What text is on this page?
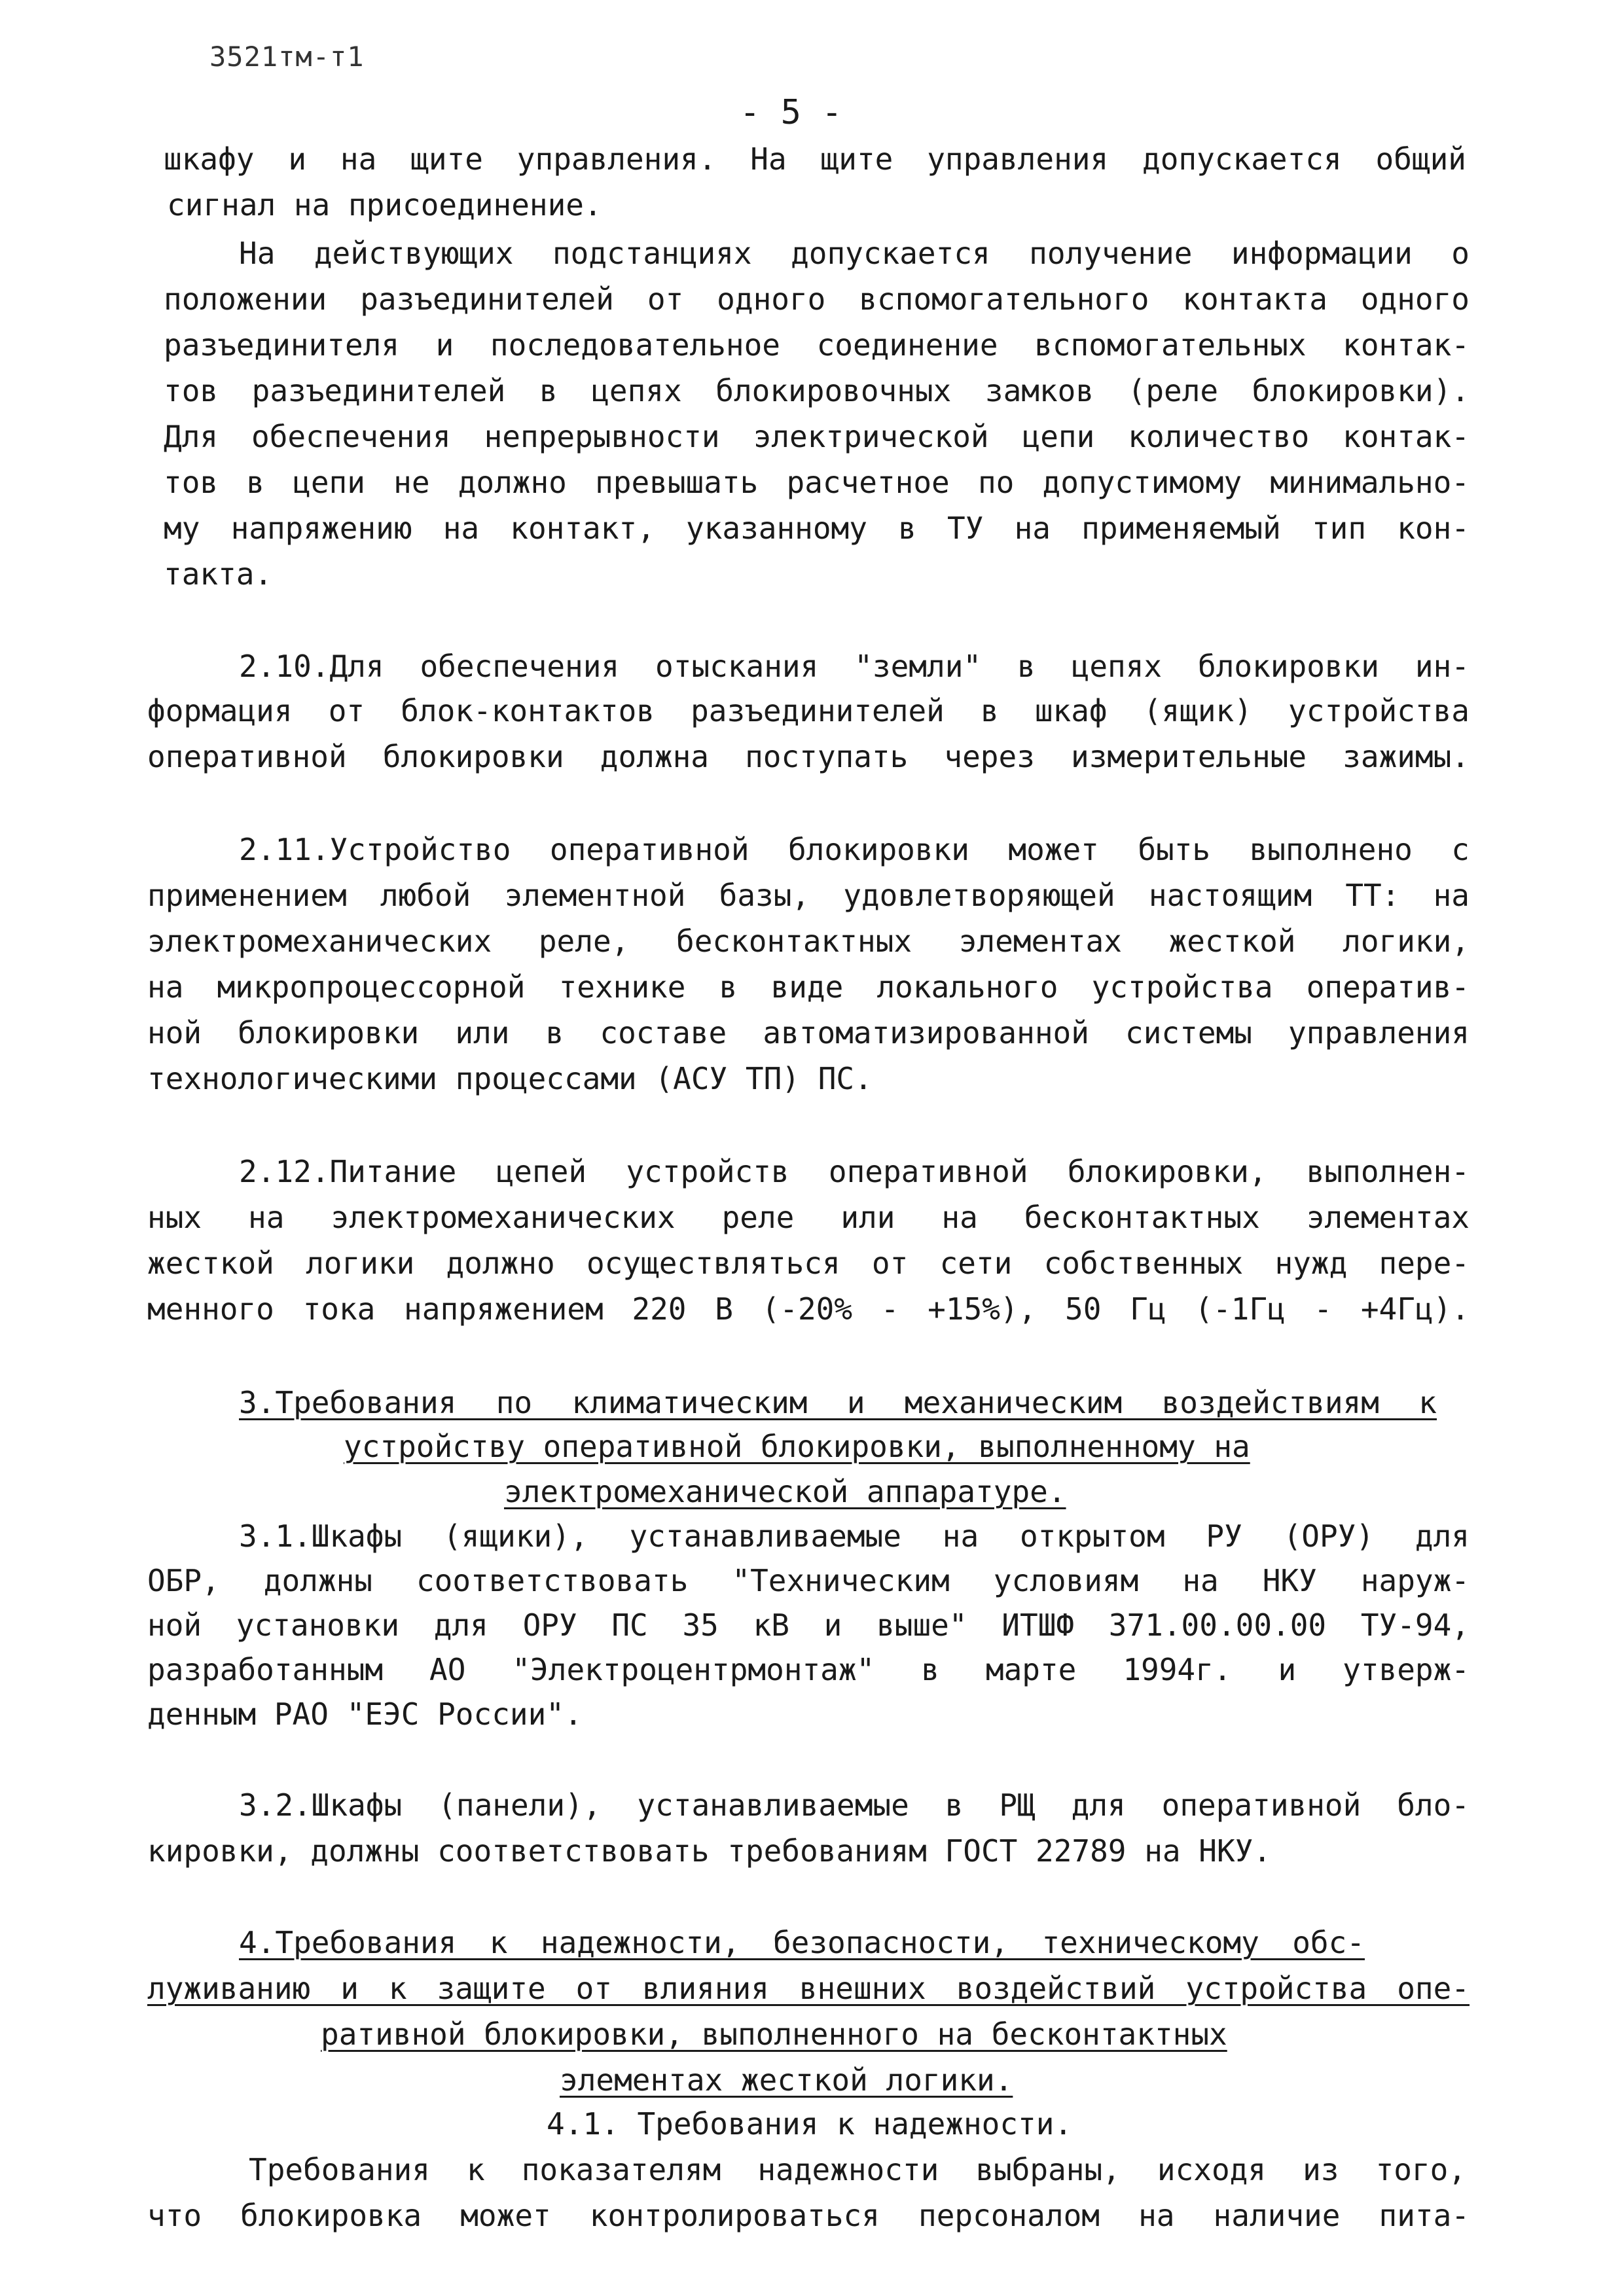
3521тм-т1
- 5 -
шкафу и на щите управления. На щите управления допускается общий
сигнал на присоединение.
На действующих подстанциях допускается получение информации о
положении разъединителей от одного вспомогательного контакта одного
разъединителя и последовательное соединение вспомогательных контак-
тов разъединителей в цепях блокировочных замков (реле блокировки).
Для обеспечения непрерывности электрической цепи количество контак-
тов в цепи не должно превышать расчетное по допустимому минимально-
му напряжению на контакт, указанному в ТУ на применяемый тип кон-
такта.
2.10.Для обеспечения отыскания "земли" в цепях блокировки ин-
формация от блок-контактов разъединителей в шкаф (ящик) устройства
оперативной блокировки должна поступать через измерительные зажимы.
2.11.Устройство оперативной блокировки может быть выполнено с
применением любой элементной базы, удовлетворяющей настоящим ТТ: на
электромеханических реле, бесконтактных элементах жесткой логики,
на микропроцессорной технике в виде локального устройства оператив-
ной блокировки или в составе автоматизированной системы управления
технологическими процессами (АСУ ТП) ПС.
2.12.Питание цепей устройств оперативной блокировки, выполнен-
ных на электромеханических реле или на бесконтактных элементах
жесткой логики должно осуществляться от сети собственных нужд пере-
менного тока напряжением 220 В (-20% - +15%), 50 Гц (-1Гц - +4Гц).
3.Требования по климатическим и механическим воздействиям к
устройству оперативной блокировки, выполненному на
электромеханической аппаратуре.
3.1.Шкафы (ящики), устанавливаемые на открытом РУ (ОРУ) для
ОБР, должны соответствовать "Техническим условиям на НКУ наруж-
ной установки для ОРУ ПС 35 кВ и выше" ИТШФ 371.00.00.00 ТУ-94,
разработанным АО "Электроцентрмонтаж" в марте 1994г. и утверж-
денным РАО "ЕЭС России".
3.2.Шкафы (панели), устанавливаемые в РЩ для оперативной бло-
кировки, должны соответствовать требованиям ГОСТ 22789 на НКУ.
4.Требования к надежности, безопасности, техническому обс-
луживанию и к защите от влияния внешних воздействий устройства опе-
ративной блокировки, выполненного на бесконтактных
элементах жесткой логики.
4.1. Требования к надежности.
Требования к показателям надежности выбраны, исходя из того,
что блокировка может контролироваться персоналом на наличие пита-
